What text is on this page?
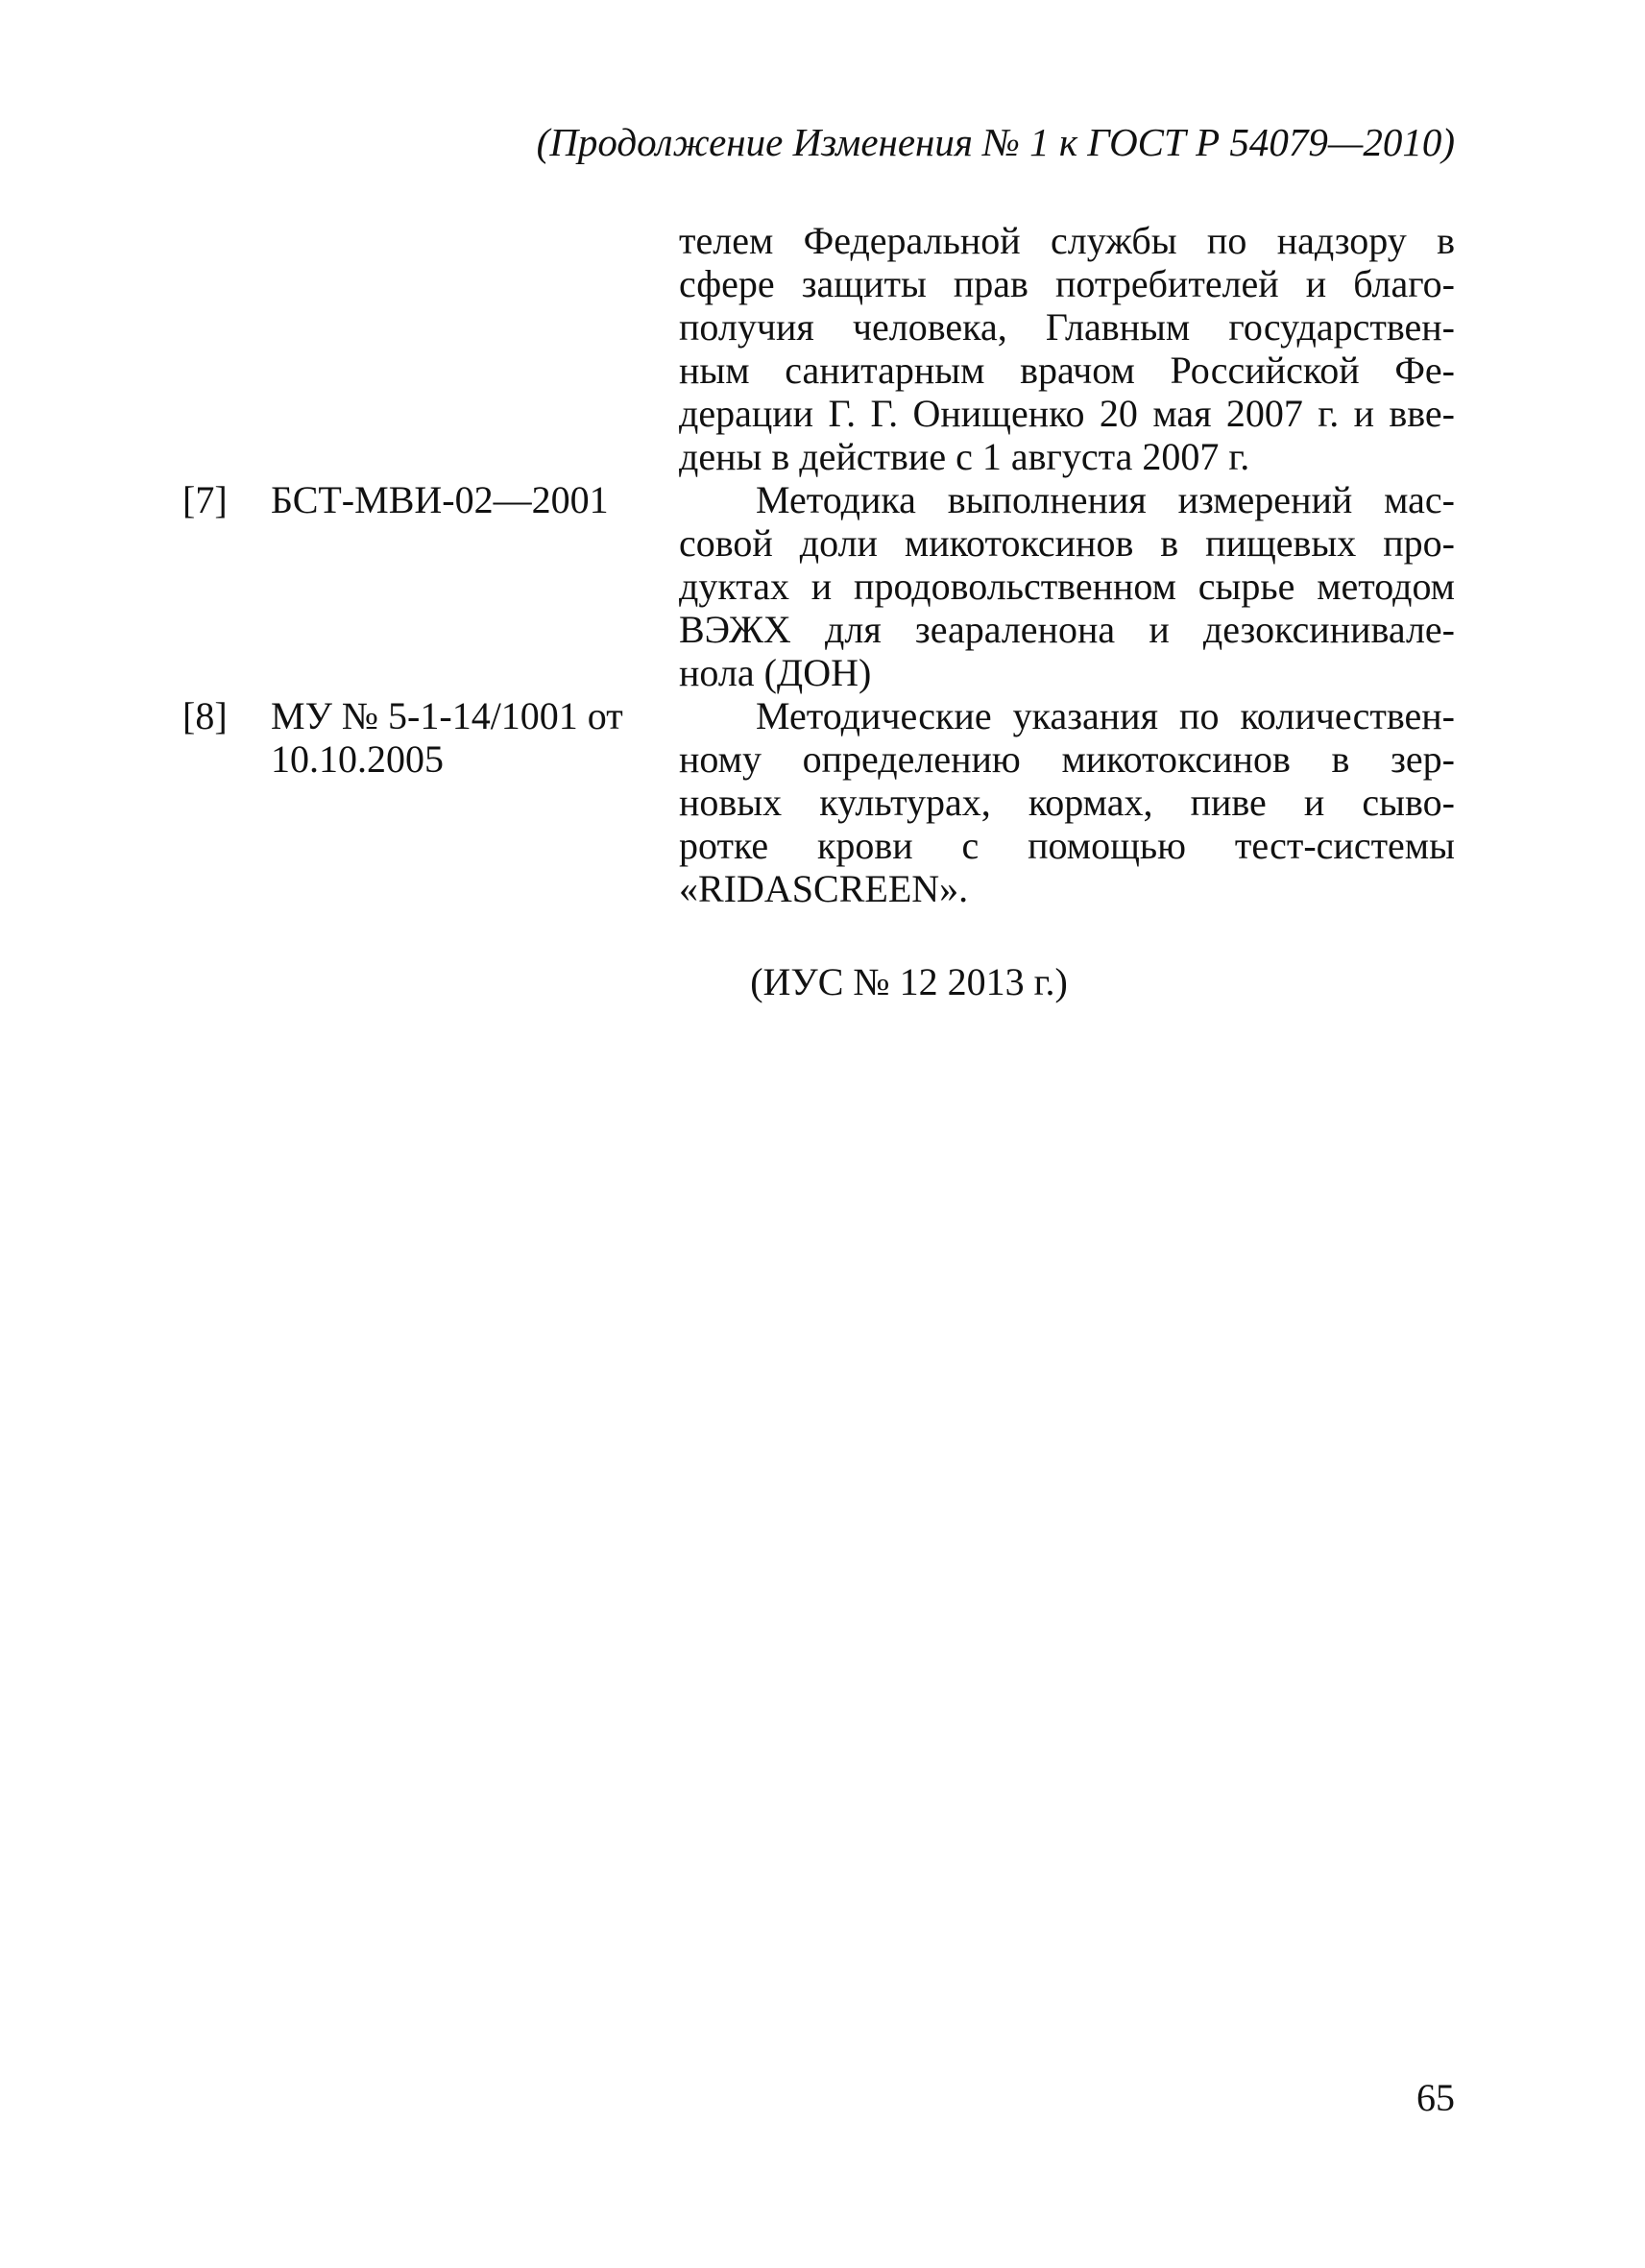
(Продолжение Изменения № 1 к ГОСТ Р 54079—2010)
телем Федеральной службы по надзору в
сфере защиты прав потребителей и благо-
получия человека, Главным государствен-
ным санитарным врачом Российской Фе-
дерации Г. Г. Онищенко 20 мая 2007 г. и вве-
дены в действие с 1 августа 2007 г.
[7]	БСТ-МВИ-02—2001	Методика выполнения измерений мас-
совой доли микотоксинов в пищевых про-
дуктах и продовольственном сырье методом
ВЭЖХ для зеараленона и дезоксинивале-
нола (ДОН)
[8]	МУ № 5-1-14/1001 от 10.10.2005
Методические указания по количествен-
ному определению микотоксинов в зер-
новых культурах, кормах, пиве и сыво-
ротке крови с помощью тест-системы
«RIDASCREEN».
(ИУС № 12 2013 г.)
65
